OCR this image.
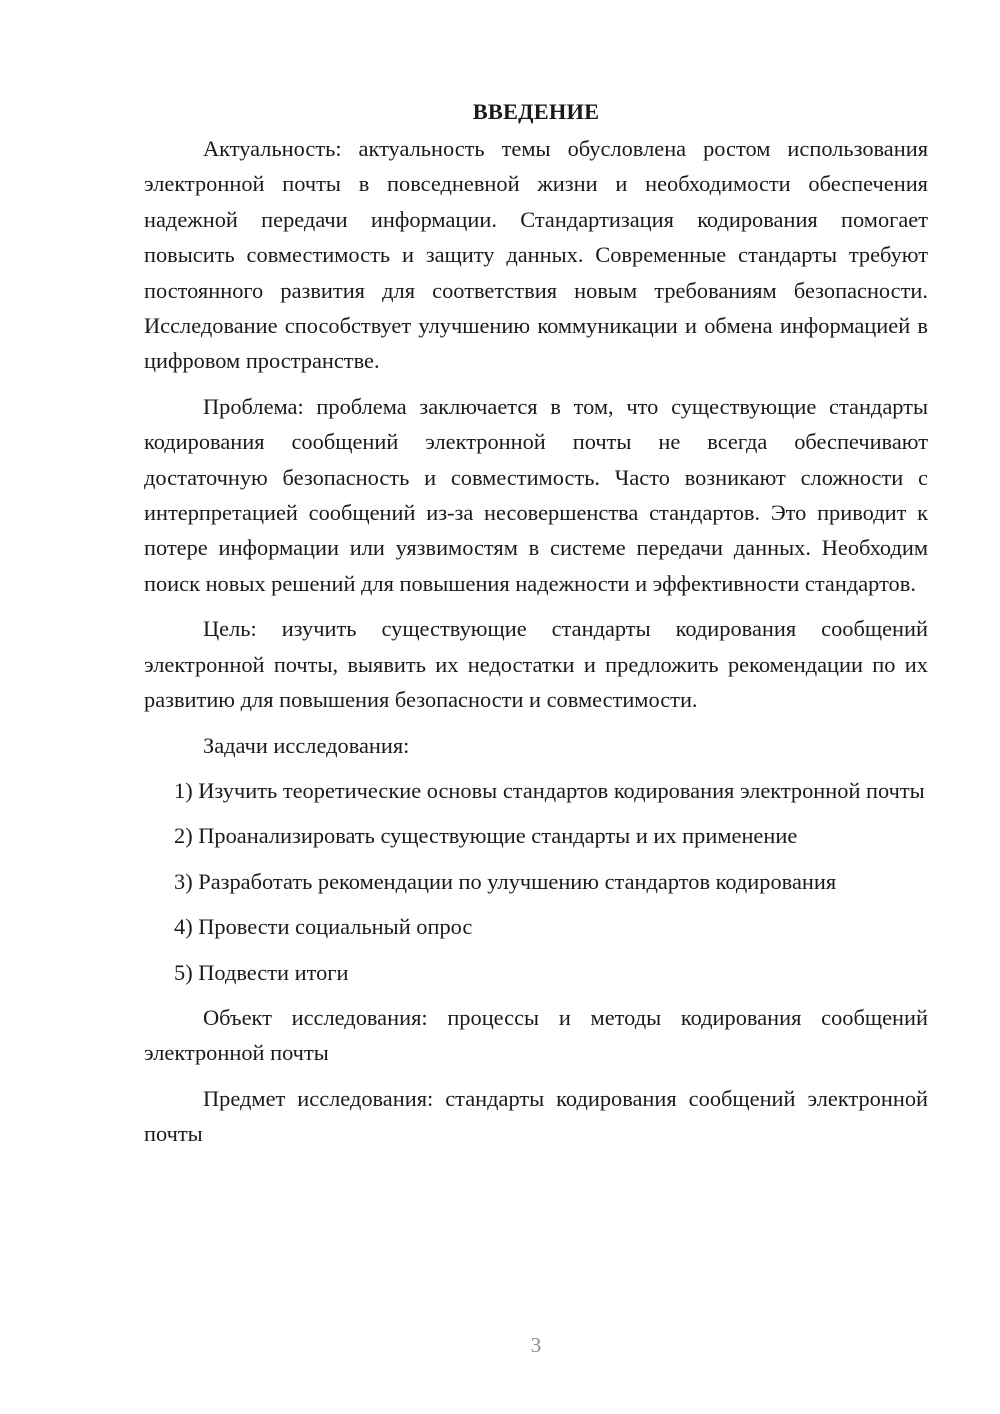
ВВЕДЕНИЕ

Актуальность: актуальность темы обусловлена ростом использования электронной почты в повседневной жизни и необходимости обеспечения надежной передачи информации. Стандартизация кодирования помогает повысить совместимость и защиту данных. Современные стандарты требуют постоянного развития для соответствия новым требованиям безопасности. Исследование способствует улучшению коммуникации и обмена информацией в цифровом пространстве.

Проблема: проблема заключается в том, что существующие стандарты кодирования сообщений электронной почты не всегда обеспечивают достаточную безопасность и совместимость. Часто возникают сложности с интерпретацией сообщений из-за несовершенства стандартов. Это приводит к потере информации или уязвимостям в системе передачи данных. Необходим поиск новых решений для повышения надежности и эффективности стандартов.

Цель: изучить существующие стандарты кодирования сообщений электронной почты, выявить их недостатки и предложить рекомендации по их развитию для повышения безопасности и совместимости.

Задачи исследования:

1) Изучить теоретические основы стандартов кодирования электронной почты

2) Проанализировать существующие стандарты и их применение

3) Разработать рекомендации по улучшению стандартов кодирования

4) Провести социальный опрос

5) Подвести итоги

Объект исследования: процессы и методы кодирования сообщений электронной почты

Предмет исследования: стандарты кодирования сообщений электронной почты

3
